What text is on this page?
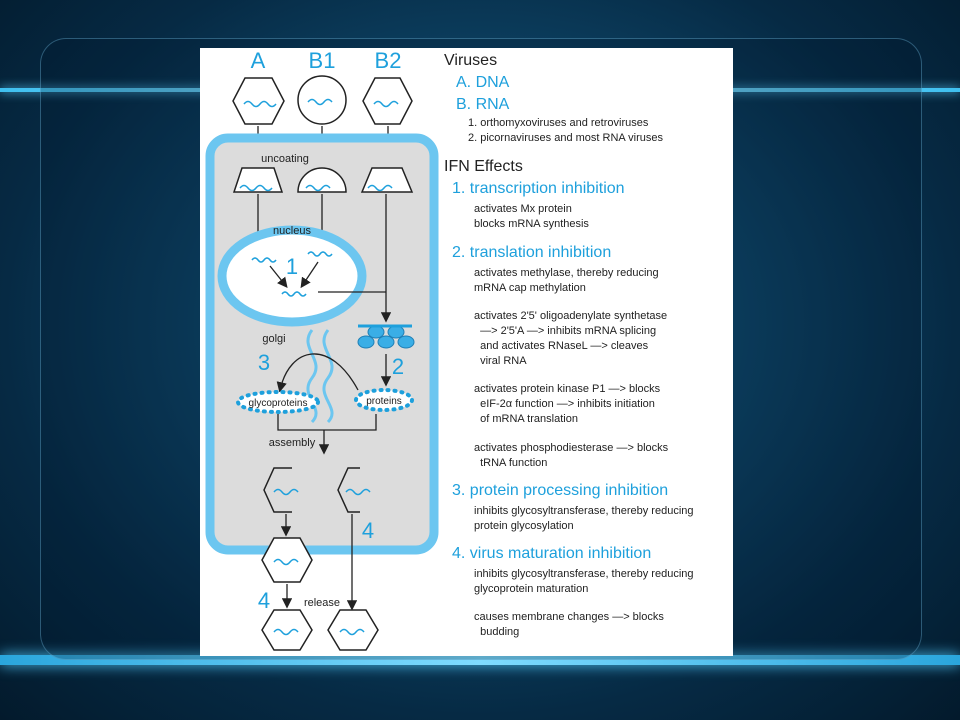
A B1 B2
uncoating
nucleus
1
2
golgi
3
glycoproteins	proteins
assembly
4
4	release
Viruses
A. DNA
B. RNA
1. orthomyxoviruses and retroviruses
2. picornaviruses and most RNA viruses
IFN Effects
1. transcription inhibition
activates Mx protein
blocks mRNA synthesis
2. translation inhibition
activates methylase, thereby reducing
mRNA cap methylation
activates 2'5' oligoadenylate synthetase
—> 2'5'A —> inhibits mRNA splicing
and activates RNaseL —> cleaves
viral RNA
activates protein kinase P1 —> blocks
eIF-2α function —> inhibits initiation
of mRNA translation
activates phosphodiesterase —> blocks
tRNA function
3. protein processing inhibition
inhibits glycosyltransferase, thereby reducing
protein glycosylation
4. virus maturation inhibition
inhibits glycosyltransferase, thereby reducing
glycoprotein maturation
causes membrane changes —> blocks
budding
